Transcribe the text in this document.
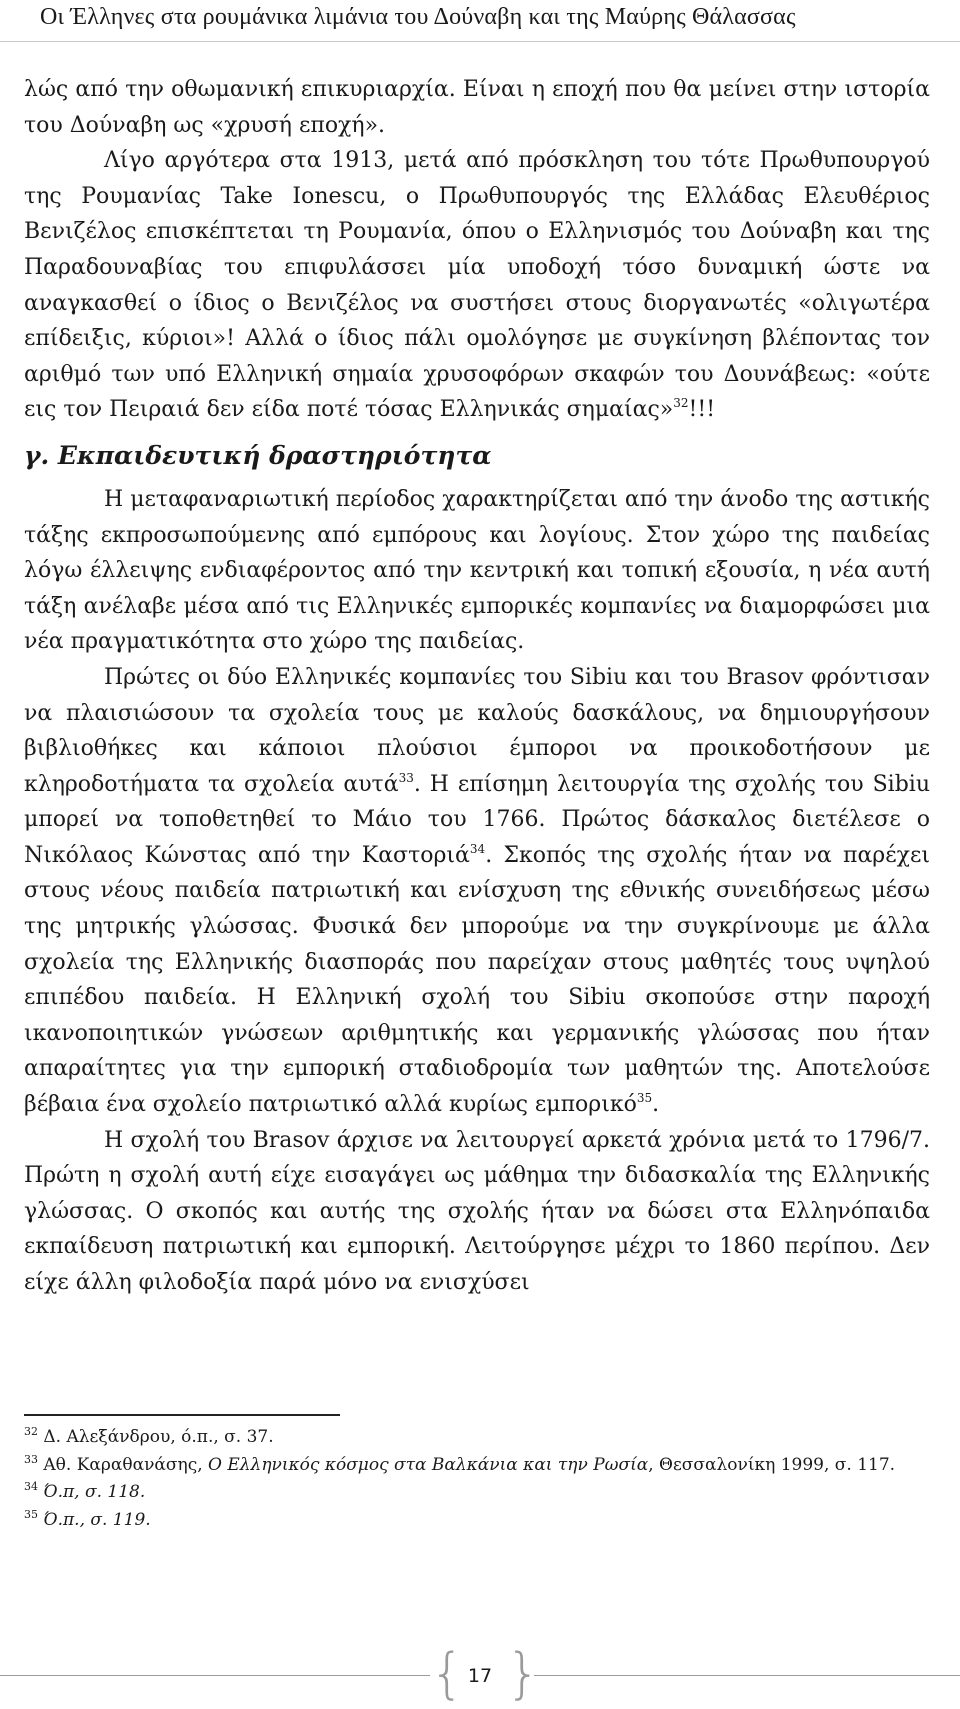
Οι Έλληνες στα ρουμάνικα λιμάνια του Δούναβη και της Μαύρης Θάλασσας

λώς από την οθωμανική επικυριαρχία. Είναι η εποχή που θα μείνει στην ιστορία του Δούναβη ως «χρυσή εποχή».

Λίγο αργότερα στα 1913, μετά από πρόσκληση του τότε Πρωθυπουργού της Ρουμανίας Take Ionescu, ο Πρωθυπουργός της Ελλάδας Ελευθέριος Βενιζέλος επισκέπτεται τη Ρουμανία, όπου ο Ελληνισμός του Δούναβη και της Παραδουναβίας του επιφυλάσσει μία υποδοχή τόσο δυναμική ώστε να αναγκασθεί ο ίδιος ο Βενιζέλος να συστήσει στους διοργανωτές «ολιγωτέρα επίδειξις, κύριοι»! Αλλά ο ίδιος πάλι ομολόγησε με συγκίνηση βλέποντας τον αριθμό των υπό Ελληνική σημαία χρυσοφόρων σκαφών του Δουνάβεως: «ούτε εις τον Πειραιά δεν είδα ποτέ τόσας Ελληνικάς σημαίας»$^{32}$!!!

γ. Εκπαιδευτική δραστηριότητα

Η μεταφαναριωτική περίοδος χαρακτηρίζεται από την άνοδο της αστικής τάξης εκπροσωπούμενης από εμπόρους και λογίους. Στον χώρο της παιδείας λόγω έλλειψης ενδιαφέροντος από την κεντρική και τοπική εξουσία, η νέα αυτή τάξη ανέλαβε μέσα από τις Ελληνικές εμπορικές κομπανίες να διαμορφώσει μια νέα πραγματικότητα στο χώρο της παιδείας.

Πρώτες οι δύο Ελληνικές κομπανίες του Sibiu και του Brasov φρόντισαν να πλαισιώσουν τα σχολεία τους με καλούς δασκάλους, να δημιουργήσουν βιβλιοθήκες και κάποιοι πλούσιοι έμποροι να προικοδοτήσουν με κληροδοτήματα τα σχολεία αυτά$^{33}$. Η επίσημη λειτουργία της σχολής του Sibiu μπορεί να τοποθετηθεί το Μάιο του 1766. Πρώτος δάσκαλος διετέλεσε ο Νικόλαος Κώνστας από την Καστοριά$^{34}$. Σκοπός της σχολής ήταν να παρέχει στους νέους παιδεία πατριωτική και ενίσχυση της εθνικής συνειδήσεως μέσω της μητρικής γλώσσας. Φυσικά δεν μπορούμε να την συγκρίνουμε με άλλα σχολεία της Ελληνικής διασποράς που παρείχαν στους μαθητές τους υψηλού επιπέδου παιδεία. Η Ελληνική σχολή του Sibiu σκοπούσε στην παροχή ικανοποιητικών γνώσεων αριθμητικής και γερμανικής γλώσσας που ήταν απαραίτητες για την εμπορική σταδιοδρομία των μαθητών της. Αποτελούσε βέβαια ένα σχολείο πατριωτικό αλλά κυρίως εμπορικό$^{35}$.

Η σχολή του Brasov άρχισε να λειτουργεί αρκετά χρόνια μετά το 1796/7. Πρώτη η σχολή αυτή είχε εισαγάγει ως μάθημα την διδασκαλία της Ελληνικής γλώσσας. Ο σκοπός και αυτής της σχολής ήταν να δώσει στα Ελληνόπαιδα εκπαίδευση πατριωτική και εμπορική. Λειτούργησε μέχρι το 1860 περίπου. Δεν είχε άλλη φιλοδοξία παρά μόνο να ενισχύσει

$^{32}$ Δ. Αλεξάνδρου, ό.π., σ. 37.

$^{33}$ Αθ. Καραθανάσης, Ο Ελληνικός κόσμος στα Βαλκάνια και την Ρωσία, Θεσσαλονίκη 1999, σ. 117.

$^{34}$ Ό.π, σ. 118.

$^{35}$ Ό.π., σ. 119.

{ }
17
